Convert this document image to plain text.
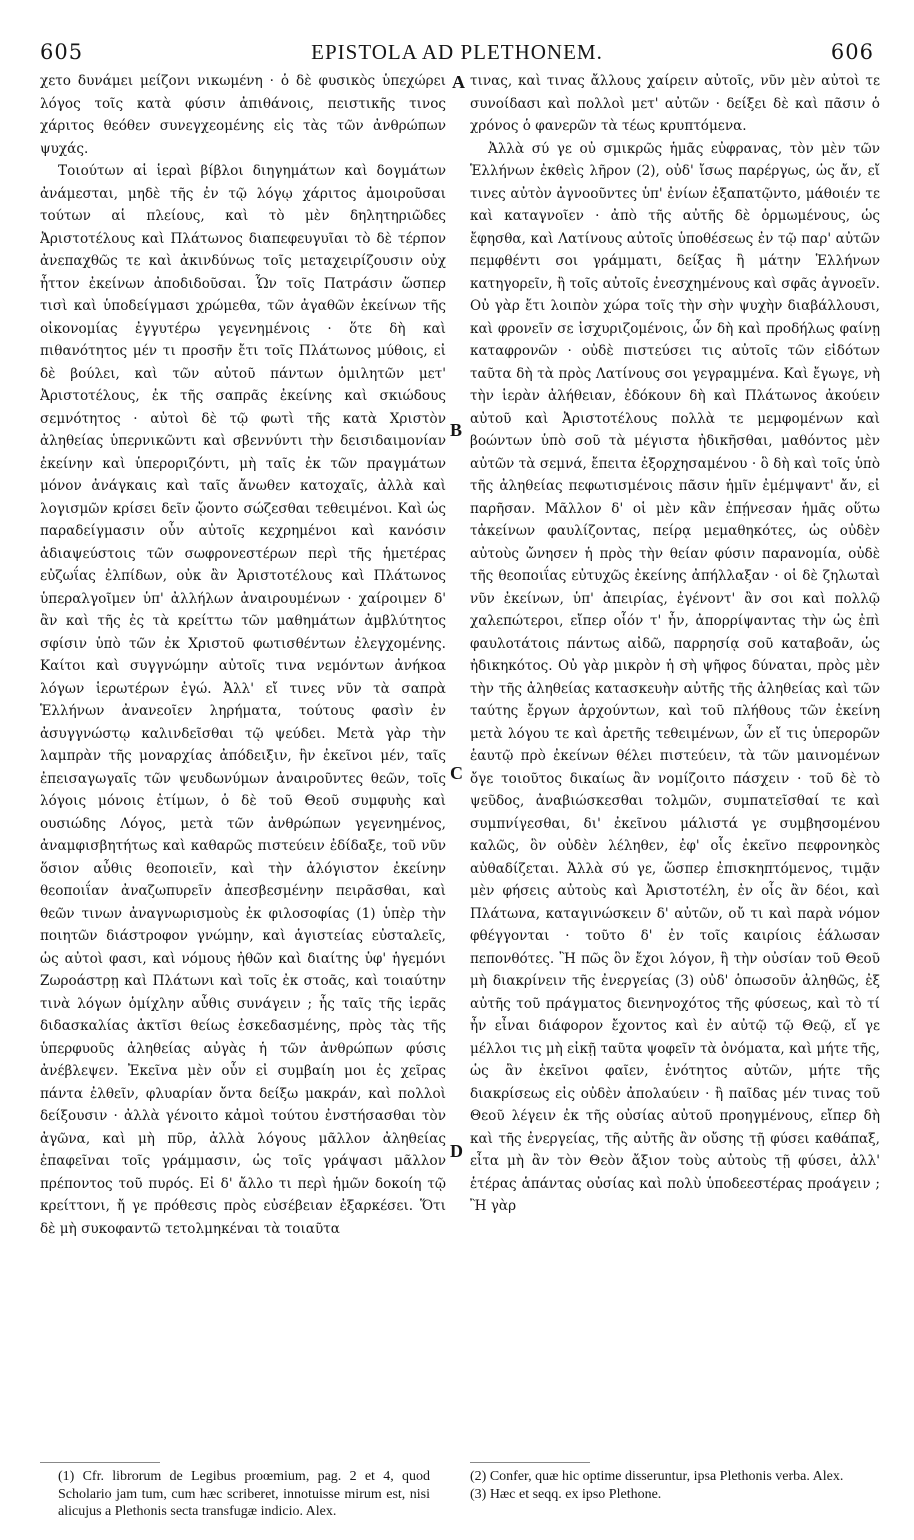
605	EPISTOLA AD PLETHONEM.	606

χετο δυνάμει μείζονι νικωμένη · ὁ δὲ φυσικὸς ὑπεχώρει λόγος τοῖς κατὰ φύσιν ἀπιθάνοις, πειστικῆς τινος χάριτος θεόθεν συνεγχεομένης εἰς τὰς τῶν ἀνθρώπων ψυχάς.

Τοιούτων αἱ ἱεραὶ βίβλοι διηγημάτων καὶ δογμάτων ἀνάμεσται, μηδὲ τῆς ἐν τῷ λόγῳ χάριτος ἀμοιροῦσαι τούτων αἱ πλείους, καὶ τὸ μὲν δηλητηριῶδες Ἀριστοτέλους καὶ Πλάτωνος διαπεφευγυῖαι τὸ δὲ τέρπον ἀνεπαχθῶς τε καὶ ἀκινδύνως τοῖς μεταχειρίζουσιν οὐχ ἧττον ἐκείνων ἀποδιδοῦσαι. Ὧν τοῖς Πατράσιν ὥσπερ τισὶ καὶ ὑποδείγμασι χρώμεθα, τῶν ἀγαθῶν ἐκείνων τῆς οἰκονομίας ἐγγυτέρω γεγενημένοις · ὅτε δὴ καὶ πιθανότητος μέν τι προσῆν ἔτι τοῖς Πλάτωνος μύθοις, εἰ δὲ βούλει, καὶ τῶν αὐτοῦ πάντων ὁμιλητῶν μετ' Ἀριστοτέλους, ἐκ τῆς σαπρᾶς ἐκείνης καὶ σκιώδους σεμνότητος · αὐτοὶ δὲ τῷ φωτὶ τῆς κατὰ Χριστὸν ἀληθείας ὑπερνικῶντι καὶ σβεννύντι τὴν δεισιδαιμονίαν ἐκείνην καὶ ὑπεροριζόντι, μὴ ταῖς ἐκ τῶν πραγμάτων μόνον ἀνάγκαις καὶ ταῖς ἄνωθεν κατοχαῖς, ἀλλὰ καὶ λογισμῶν κρίσει δεῖν ᾤοντο σώζεσθαι τεθειμένοι. Καὶ ὡς παραδείγμασιν οὖν αὐτοῖς κεχρημένοι καὶ κανόσιν ἀδιαψεύστοις τῶν σωφρονεστέρων περὶ τῆς ἡμετέρας εὐζωΐας ἐλπίδων, οὐκ ἂν Ἀριστοτέλους καὶ Πλάτωνος ὑπεραλγοῖμεν ὑπ' ἀλλήλων ἀναιρουμένων · χαίροιμεν δ' ἂν καὶ τῆς ἐς τὰ κρείττω τῶν μαθημάτων ἀμβλύτητος σφίσιν ὑπὸ τῶν ἐκ Χριστοῦ φωτισθέντων ἐλεγχομένης. Καίτοι καὶ συγγνώμην αὐτοῖς τινα νεμόντων ἀνήκοα λόγων ἱερωτέρων ἐγώ. Ἀλλ' εἴ τινες νῦν τὰ σαπρὰ Ἑλλήνων ἀνανεοῖεν ληρήματα, τούτους φασὶν ἐν ἀσυγγνώστῳ καλινδεῖσθαι τῷ ψεύδει. Μετὰ γὰρ τὴν λαμπρὰν τῆς μοναρχίας ἀπόδειξιν, ἣν ἐκεῖνοι μέν, ταῖς ἐπεισαγωγαῖς τῶν ψευδωνύμων ἀναιροῦντες θεῶν, τοῖς λόγοις μόνοις ἐτίμων, ὁ δὲ τοῦ Θεοῦ συμφυὴς καὶ ουσιώδης Λόγος, μετὰ τῶν ἀνθρώπων γεγενημένος, ἀναμφισβητήτως καὶ καθαρῶς πιστεύειν ἐδίδαξε, τοῦ νῦν ὅσιον αὖθις θεοποιεῖν, καὶ τὴν ἀλόγιστον ἐκείνην θεοποιΐαν ἀναζωπυρεῖν ἀπεσβεσμένην πειρᾶσθαι, καὶ θεῶν τινων ἀναγνωρισμοὺς ἐκ φιλοσοφίας (1) ὑπὲρ τὴν ποιητῶν διάστροφον γνώμην, καὶ ἁγιστείας εὐσταλεῖς, ὡς αὐτοὶ φασι, καὶ νόμους ἠθῶν καὶ διαίτης ὑφ' ἡγεμόνι Ζωροάστρῃ καὶ Πλάτωνι καὶ τοῖς ἐκ στοᾶς, καὶ τοιαύτην τινὰ λόγων ὁμίχλην αὖθις συνάγειν ; ἧς ταῖς τῆς ἱερᾶς διδασκαλίας ἀκτῖσι θείως ἐσκεδασμένης, πρὸς τὰς τῆς ὑπερφυοῦς ἀληθείας αὐγὰς ἡ τῶν ἀνθρώπων φύσις ἀνέβλεψεν. Ἐκεῖνα μὲν οὖν εἰ συμβαίη μοι ἐς χεῖρας πάντα ἐλθεῖν, φλυαρίαν ὄντα δείξω μακράν, καὶ πολλοὶ δείξουσιν · ἀλλὰ γένοιτο κἀμοὶ τούτου ἐνστήσασθαι τὸν ἀγῶνα, καὶ μὴ πῦρ, ἀλλὰ λόγους μᾶλλον ἀληθείας ἐπαφεῖναι τοῖς γράμμασιν, ὡς τοῖς γράψασι μᾶλλον πρέποντος τοῦ πυρός. Εἰ δ' ἄλλο τι περὶ ἡμῶν δοκοίη τῷ κρείττονι, ἤ γε πρόθεσις πρὸς εὐσέβειαν ἐξαρκέσει. Ὅτι δὲ μὴ συκοφαντῶ τετολμηκέναι τὰ τοιαῦτα

A
B
C
D

τινας, καὶ τινας ἄλλους χαίρειν αὐτοῖς, νῦν μὲν αὐτοὶ τε συνοίδασι καὶ πολλοὶ μετ' αὐτῶν · δείξει δὲ καὶ πᾶσιν ὁ χρόνος ὁ φανερῶν τὰ τέως κρυπτόμενα.

Ἀλλὰ σύ γε οὐ σμικρῶς ἡμᾶς εὐφρανας, τὸν μὲν τῶν Ἑλλήνων ἐκθεὶς λῆρον (2), οὐδ' ἴσως παρέργως, ὡς ἄν, εἴ τινες αὐτὸν ἀγνοοῦντες ὑπ' ἐνίων ἐξαπατῷντο, μάθοιέν τε καὶ καταγνοῖεν · ἀπὸ τῆς αὐτῆς δὲ ὁρμωμένους, ὡς ἔφησθα, καὶ Λατίνους αὐτοῖς ὑποθέσεως ἐν τῷ παρ' αὐτῶν πεμφθέντι σοι γράμματι, δείξας ἢ μάτην Ἑλλήνων κατηγορεῖν, ἢ τοῖς αὐτοῖς ἐνεσχημένους καὶ σφᾶς ἀγνοεῖν. Οὐ γὰρ ἔτι λοιπὸν χώρα τοῖς τὴν σὴν ψυχὴν διαβάλλουσι, καὶ φρονεῖν σε ἰσχυριζομένοις, ὧν δὴ καὶ προδήλως φαίνῃ καταφρονῶν · οὐδὲ πιστεύσει τις αὐτοῖς τῶν εἰδότων ταῦτα δὴ τὰ πρὸς Λατίνους σοι γεγραμμένα. Καὶ ἔγωγε, νὴ τὴν ἱερὰν ἀλήθειαν, ἐδόκουν δὴ καὶ Πλάτωνος ἀκούειν αὐτοῦ καὶ Ἀριστοτέλους πολλὰ τε μεμφομένων καὶ βοώντων ὑπὸ σοῦ τὰ μέγιστα ἠδικῆσθαι, μαθόντος μὲν αὐτῶν τὰ σεμνά, ἔπειτα ἐξορχησαμένου · ὃ δὴ καὶ τοῖς ὑπὸ τῆς ἀληθείας πεφωτισμένοις πᾶσιν ἡμῖν ἐμέμψαντ' ἄν, εἰ παρῆσαν. Μᾶλλον δ' οἱ μὲν κἂν ἐπῄνεσαν ἡμᾶς οὕτω τἀκείνων φαυλίζοντας, πείρᾳ μεμαθηκότες, ὡς οὐδὲν αὐτοὺς ὤνησεν ἡ πρὸς τὴν θείαν φύσιν παρανομία, οὐδὲ τῆς θεοποιΐας εὐτυχῶς ἐκείνης ἀπήλλαξαν · οἱ δὲ ζηλωταὶ νῦν ἐκείνων, ὑπ' ἀπειρίας, ἐγένοντ' ἂν σοι καὶ πολλῷ χαλεπώτεροι, εἴπερ οἷόν τ' ἦν, ἀπορρίψαντας τὴν ὡς ἐπὶ φαυλοτάτοις πάντως αἰδῶ, παρρησίᾳ σοῦ καταβοᾶν, ὡς ἠδικηκότος. Οὐ γὰρ μικρὸν ἡ σὴ ψῆφος δύναται, πρὸς μὲν τὴν τῆς ἀληθείας κατασκευὴν αὐτῆς τῆς ἀληθείας καὶ τῶν ταύτης ἔργων ἀρχούντων, καὶ τοῦ πλήθους τῶν ἐκείνη μετὰ λόγου τε καὶ ἀρετῆς τεθειμένων, ὧν εἴ τις ὑπερορῶν ἑαυτῷ πρὸ ἐκείνων θέλει πιστεύειν, τὰ τῶν μαινομένων ὄγε τοιοῦτος δικαίως ἂν νομίζοιτο πάσχειν · τοῦ δὲ τὸ ψεῦδος, ἀναβιώσκεσθαι τολμῶν, συμπατεῖσθαί τε καὶ συμπνίγεσθαι, δι' ἐκεῖνου μάλιστά γε συμβησομένου καλῶς, ὃν οὐδὲν λέληθεν, ἐφ' οἷς ἐκεῖνο πεφρονηκὸς αὐθαδίζεται. Ἀλλὰ σύ γε, ὥσπερ ἐπισκηπτόμενος, τιμᾷν μὲν φήσεις αὐτοὺς καὶ Ἀριστοτέλη, ἐν οἷς ἂν δέοι, καὶ Πλάτωνα, καταγινώσκειν δ' αὐτῶν, οὔ τι καὶ παρὰ νόμον φθέγγονται · τοῦτο δ' ἐν τοῖς καιρίοις ἑάλωσαν πεπονθότες. Ἢ πῶς ὃν ἔχοι λόγον, ἢ τὴν οὐσίαν τοῦ Θεοῦ μὴ διακρίνειν τῆς ἐνεργείας (3) οὐδ' ὁπωσοῦν ἀληθῶς, ἐξ αὐτῆς τοῦ πράγματος διενηνοχότος τῆς φύσεως, καὶ τὸ τί ἦν εἶναι διάφορον ἔχοντος καὶ ἐν αὐτῷ τῷ Θεῷ, εἴ γε μέλλοι τις μὴ εἰκῇ ταῦτα ψοφεῖν τὰ ὀνόματα, καὶ μήτε τῆς, ὡς ἂν ἐκεῖνοι φαῖεν, ἑνότητος αὐτῶν, μήτε τῆς διακρίσεως εἰς οὐδὲν ἀπολαύειν · ἢ παῖδας μέν τινας τοῦ Θεοῦ λέγειν ἐκ τῆς οὐσίας αὐτοῦ προηγμένους, εἴπερ δὴ καὶ τῆς ἐνεργείας, τῆς αὐτῆς ἂν οὔσης τῇ φύσει καθάπαξ, εἶτα μὴ ἂν τὸν Θεὸν ἄξιον τοὺς αὐτοὺς τῇ φύσει, ἀλλ' ἑτέρας ἁπάντας οὐσίας καὶ πολὺ ὑποδεεστέρας προάγειν ; Ἢ γὰρ

(1) Cfr. librorum de Legibus proœmium, pag. 2 et 4, quod Scholario jam tum, cum hæc scriberet, innotuisse mirum est, nisi alicujus a Plethonis secta transfugæ indicio. Alex.
(2) Confer, quæ hic optime disseruntur, ipsa Plethonis verba. Alex.
(3) Hæc et seqq. ex ipso Plethone.
